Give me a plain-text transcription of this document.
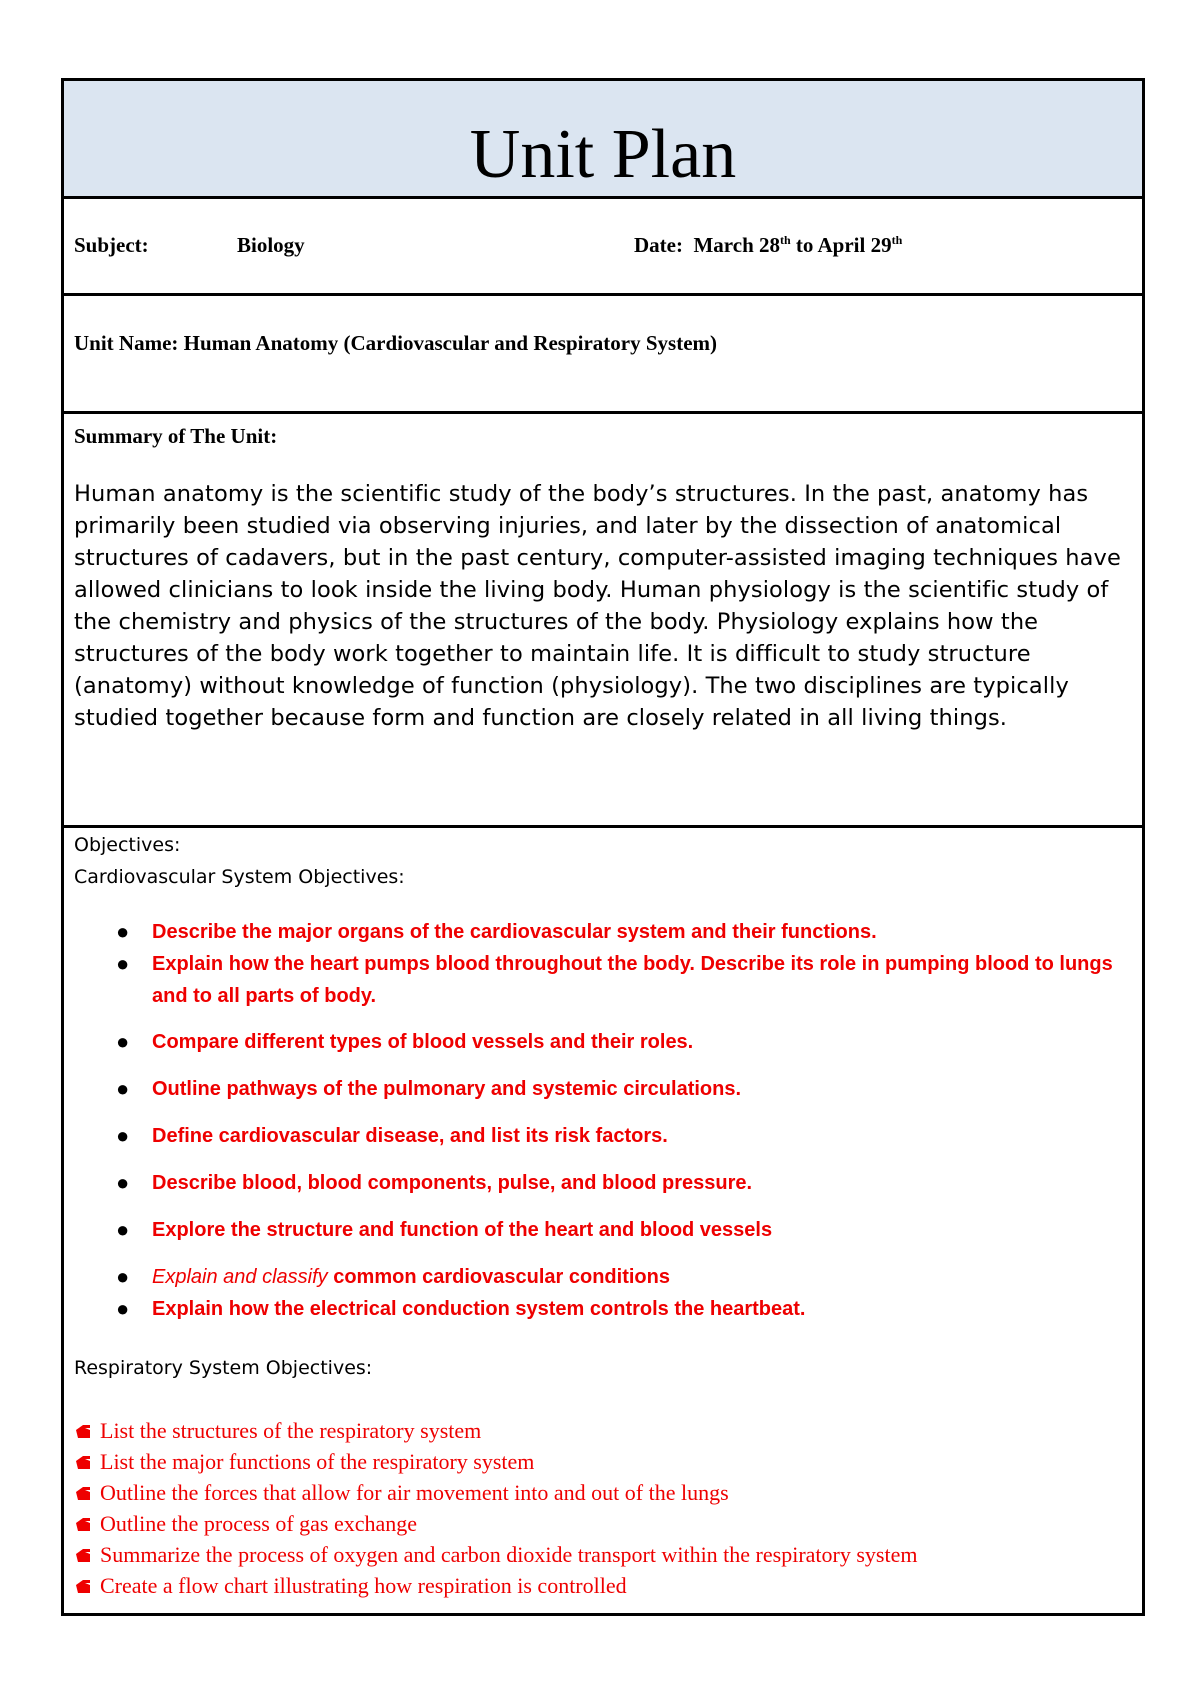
Unit Plan
Subject:	Biology	Date: March 28th to April 29th
Unit Name: Human Anatomy (Cardiovascular and Respiratory System)
Summary of The Unit:
Human anatomy is the scientific study of the body’s structures. In the past, anatomy has primarily been studied via observing injuries, and later by the dissection of anatomical structures of cadavers, but in the past century, computer-assisted imaging techniques have allowed clinicians to look inside the living body. Human physiology is the scientific study of the chemistry and physics of the structures of the body. Physiology explains how the structures of the body work together to maintain life. It is difficult to study structure (anatomy) without knowledge of function (physiology). The two disciplines are typically studied together because form and function are closely related in all living things.
Objectives:
Cardiovascular System Objectives:
● Describe the major organs of the cardiovascular system and their functions.
● Explain how the heart pumps blood throughout the body. Describe its role in pumping blood to lungs and to all parts of body.
● Compare different types of blood vessels and their roles.
● Outline pathways of the pulmonary and systemic circulations.
● Define cardiovascular disease, and list its risk factors.
● Describe blood, blood components, pulse, and blood pressure.
● Explore the structure and function of the heart and blood vessels
● Explain and classify common cardiovascular conditions
● Explain how the electrical conduction system controls the heartbeat.
Respiratory System Objectives:
List the structures of the respiratory system
List the major functions of the respiratory system
Outline the forces that allow for air movement into and out of the lungs
Outline the process of gas exchange
Summarize the process of oxygen and carbon dioxide transport within the respiratory system
Create a flow chart illustrating how respiration is controlled
